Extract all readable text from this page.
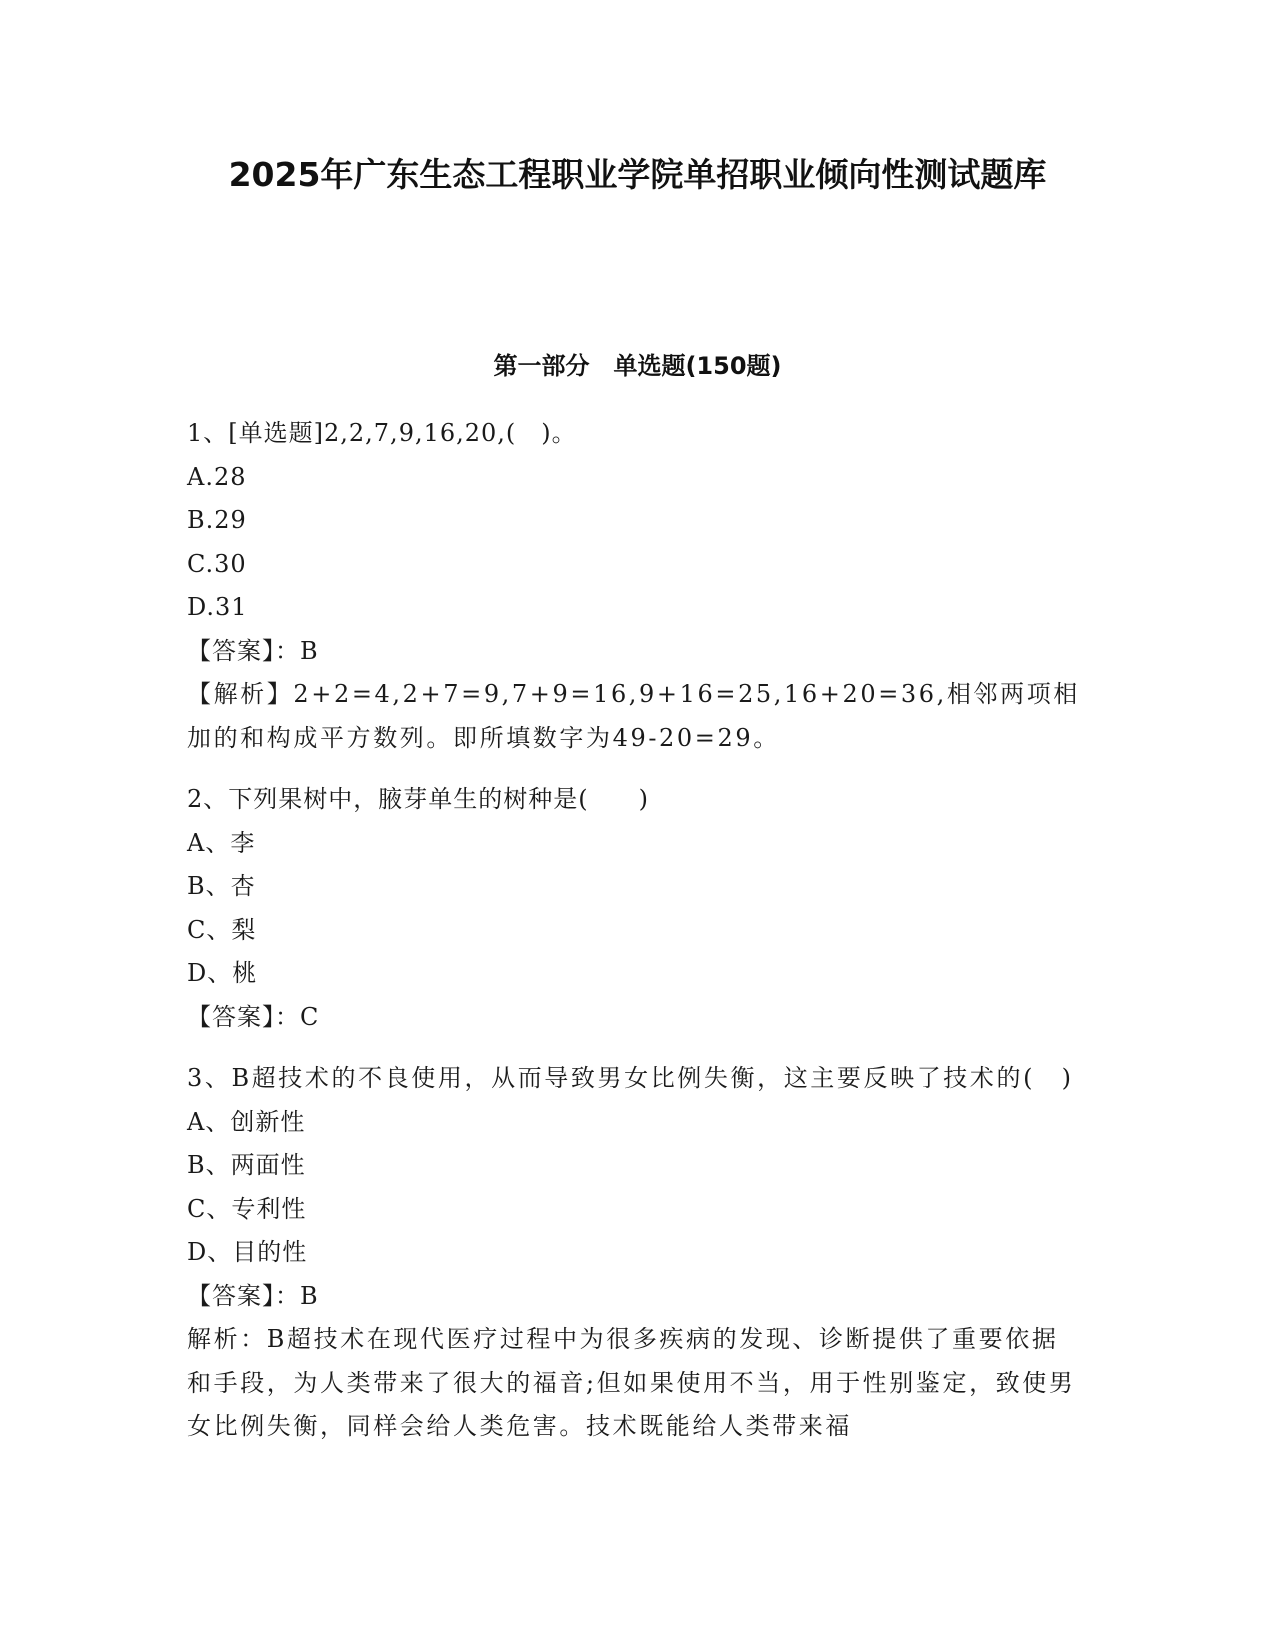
2025年广东生态工程职业学院单招职业倾向性测试题库
第一部分　单选题(150题)

1、[单选题]2,2,7,9,16,20,(　)。

A.28

B.29

C.30

D.31

【答案】：B

【解析】2+2=4,2+7=9,7+9=16,9+16=25,16+20=36,相邻两项相加的和构成平方数列。即所填数字为49-20=29。

2、下列果树中，腋芽单生的树种是(　　)

A、李

B、杏

C、梨

D、桃

【答案】：C

3、B超技术的不良使用，从而导致男女比例失衡，这主要反映了技术的(　)

A、创新性

B、两面性

C、专利性

D、目的性

【答案】：B

解析：B超技术在现代医疗过程中为很多疾病的发现、诊断提供了重要依据和手段，为人类带来了很大的福音;但如果使用不当，用于性别鉴定，致使男女比例失衡，同样会给人类危害。技术既能给人类带来福
